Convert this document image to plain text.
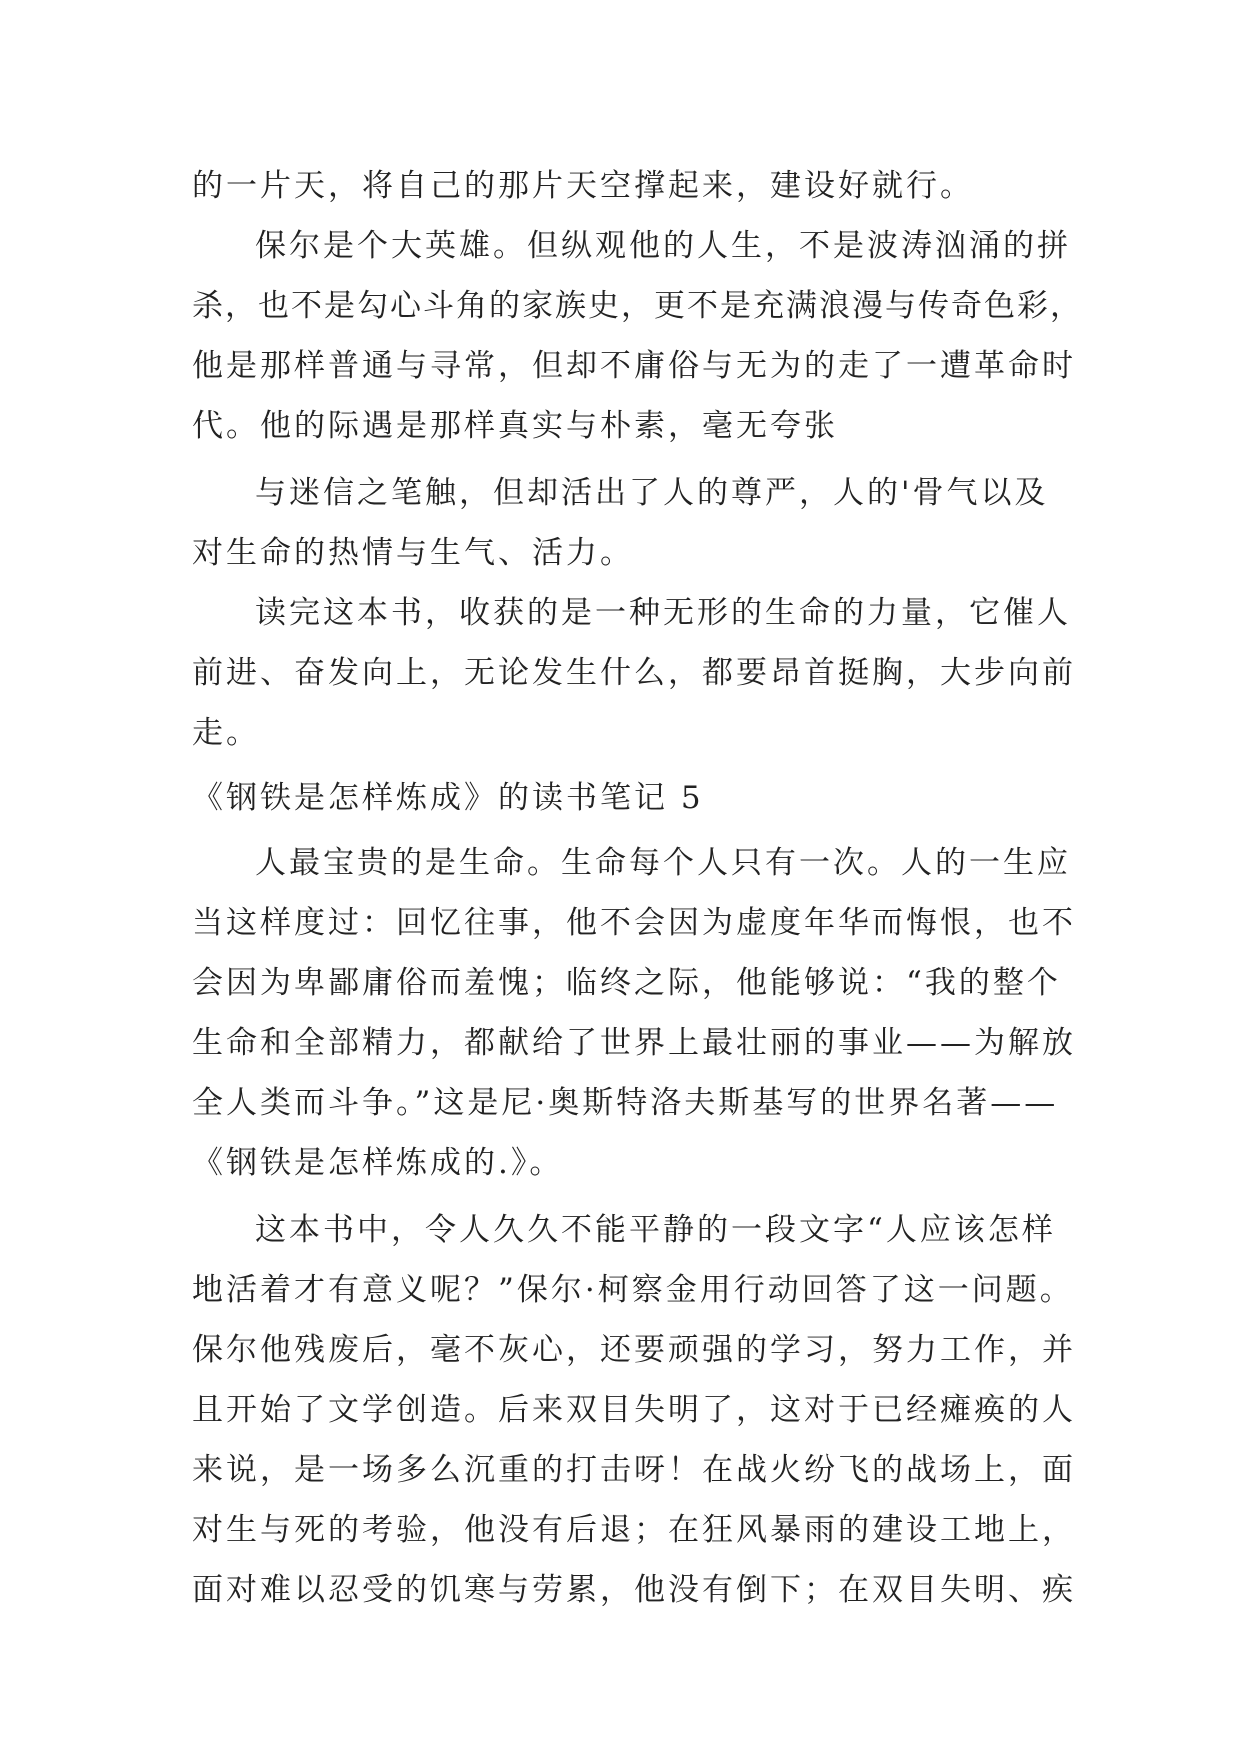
的一片天，将自己的那片天空撑起来，建设好就行。
保尔是个大英雄。但纵观他的人生，不是波涛汹涌的拼
杀，也不是勾心斗角的家族史，更不是充满浪漫与传奇色彩，
他是那样普通与寻常，但却不庸俗与无为的走了一遭革命时
代。他的际遇是那样真实与朴素，毫无夸张
与迷信之笔触，但却活出了人的尊严，人的'骨气以及
对生命的热情与生气、活力。
读完这本书，收获的是一种无形的生命的力量，它催人
前进、奋发向上，无论发生什么，都要昂首挺胸，大步向前
走。
《钢铁是怎样炼成》的读书笔记 5
人最宝贵的是生命。生命每个人只有一次。人的一生应
当这样度过：回忆往事，他不会因为虚度年华而悔恨，也不
会因为卑鄙庸俗而羞愧；临终之际，他能够说：“我的整个
生命和全部精力，都献给了世界上最壮丽的事业——为解放
全人类而斗争。”这是尼·奥斯特洛夫斯基写的世界名著——
《钢铁是怎样炼成的.》。
这本书中，令人久久不能平静的一段文字“人应该怎样
地活着才有意义呢？”保尔·柯察金用行动回答了这一问题。
保尔他残废后，毫不灰心，还要顽强的学习，努力工作，并
且开始了文学创造。后来双目失明了，这对于已经瘫痪的人
来说，是一场多么沉重的打击呀！在战火纷飞的战场上，面
对生与死的考验，他没有后退；在狂风暴雨的建设工地上，
面对难以忍受的饥寒与劳累，他没有倒下；在双目失明、疾
